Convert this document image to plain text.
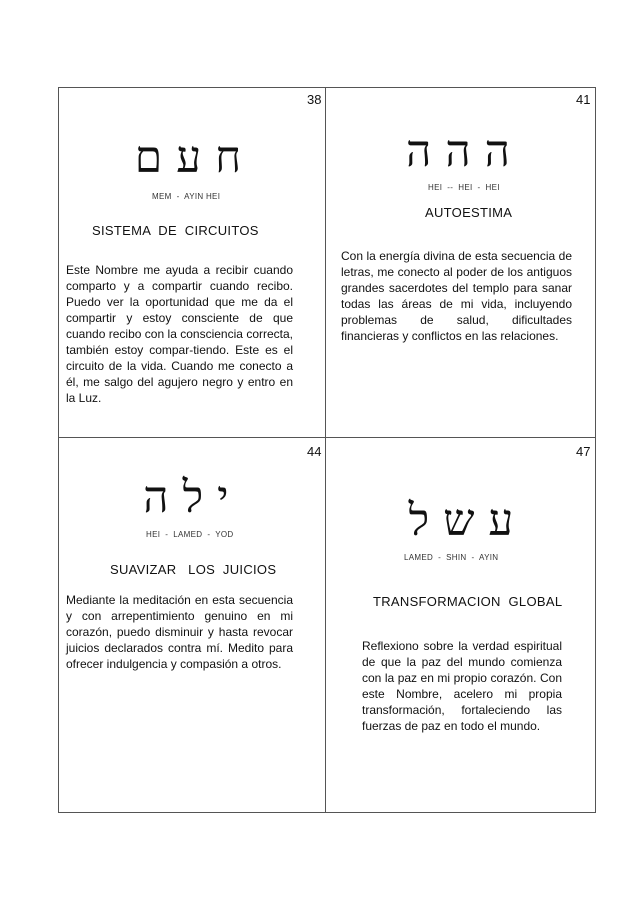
38
חעם
MEM  -  AYIN HEI
SISTEMA  DE  CIRCUITOS
Este Nombre me ayuda a recibir cuando comparto y a compartir cuando recibo. Puedo ver la oportunidad que me da el compartir y estoy consciente de que cuando recibo con la consciencia correcta, también estoy compar-tiendo. Este es el circuito de la vida. Cuando me conecto a él, me salgo del agujero negro y entro en la Luz.
41
ההה
HEI  --  HEI  -  HEI
AUTOESTIMA
Con la energía divina de esta secuencia de letras, me conecto al poder de los antiguos grandes sacerdotes del templo para sanar todas las áreas de mi vida, incluyendo problemas de salud, dificultades financieras y conflictos en las relaciones.
44
ילה
HEI  -  LAMED  -  YOD
SUAVIZAR   LOS  JUICIOS
Mediante la meditación en esta secuencia y con arrepentimiento genuino en mi corazón, puedo disminuir y hasta revocar juicios declarados contra mí. Medito para ofrecer indulgencia y compasión a otros.
47
עשל
LAMED  -  SHIN  -  AYIN
TRANSFORMACION  GLOBAL
Reflexiono sobre la verdad espiritual de que la paz del mundo comienza con la paz en mi propio corazón. Con este Nombre, acelero mi propia transformación, fortaleciendo las fuerzas de paz en todo el mundo.
